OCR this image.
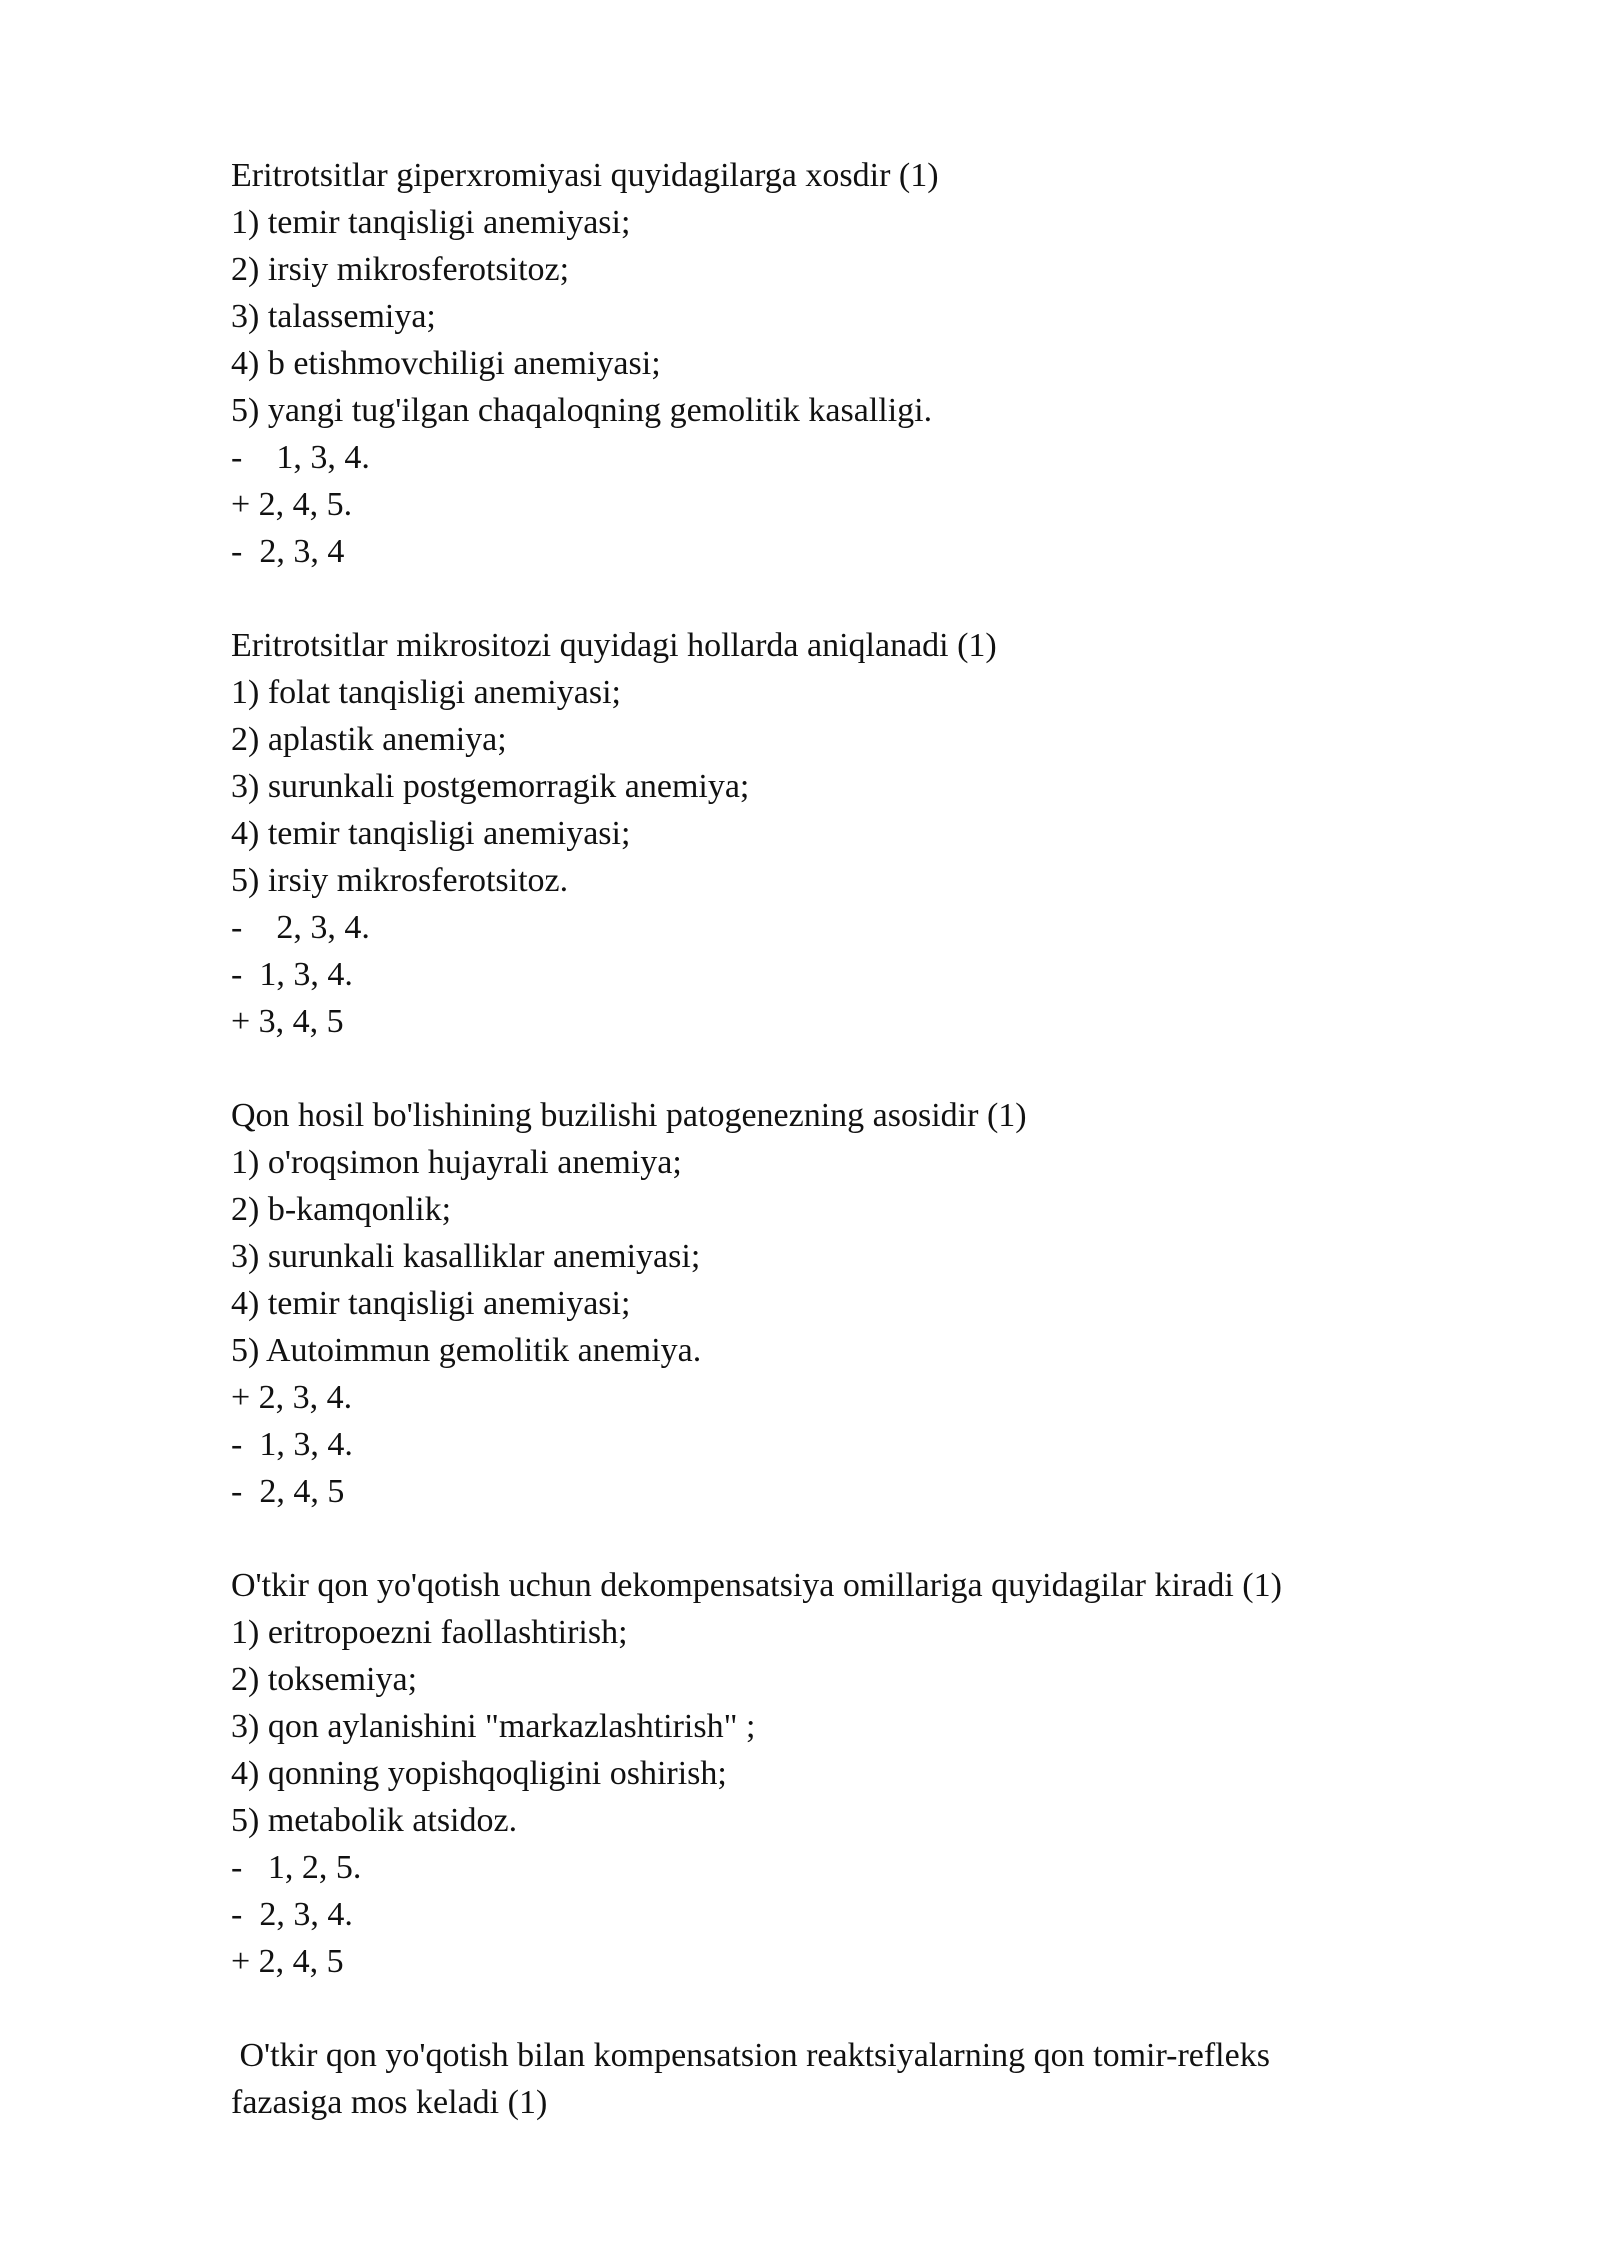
Eritrotsitlar giperxromiyasi quyidagilarga xosdir (1)

1) temir tanqisligi anemiyasi;

2) irsiy mikrosferotsitoz;

3) talassemiya;

4) b etishmovchiligi anemiyasi;

5) yangi tug'ilgan chaqaloqning gemolitik kasalligi.

-    1, 3, 4.

+ 2, 4, 5.

-  2, 3, 4

Eritrotsitlar mikrositozi quyidagi hollarda aniqlanadi (1)

1) folat tanqisligi anemiyasi;

2) aplastik anemiya;

3) surunkali postgemorragik anemiya;

4) temir tanqisligi anemiyasi;

5) irsiy mikrosferotsitoz.

-    2, 3, 4.

-  1, 3, 4.

+ 3, 4, 5

Qon hosil bo'lishining buzilishi patogenezning asosidir (1)

1) o'roqsimon hujayrali anemiya;

2) b-kamqonlik;

3) surunkali kasalliklar anemiyasi;

4) temir tanqisligi anemiyasi;

5) Autoimmun gemolitik anemiya.

+ 2, 3, 4.

-  1, 3, 4.

-  2, 4, 5

O'tkir qon yo'qotish uchun dekompensatsiya omillariga quyidagilar kiradi (1)

1) eritropoezni faollashtirish;

2) toksemiya;

3) qon aylanishini "markazlashtirish" ;

4) qonning yopishqoqligini oshirish;

5) metabolik atsidoz.

-   1, 2, 5.

-  2, 3, 4.

+ 2, 4, 5

O'tkir qon yo'qotish bilan kompensatsion reaktsiyalarning qon tomir-refleks

fazasiga mos keladi (1)
